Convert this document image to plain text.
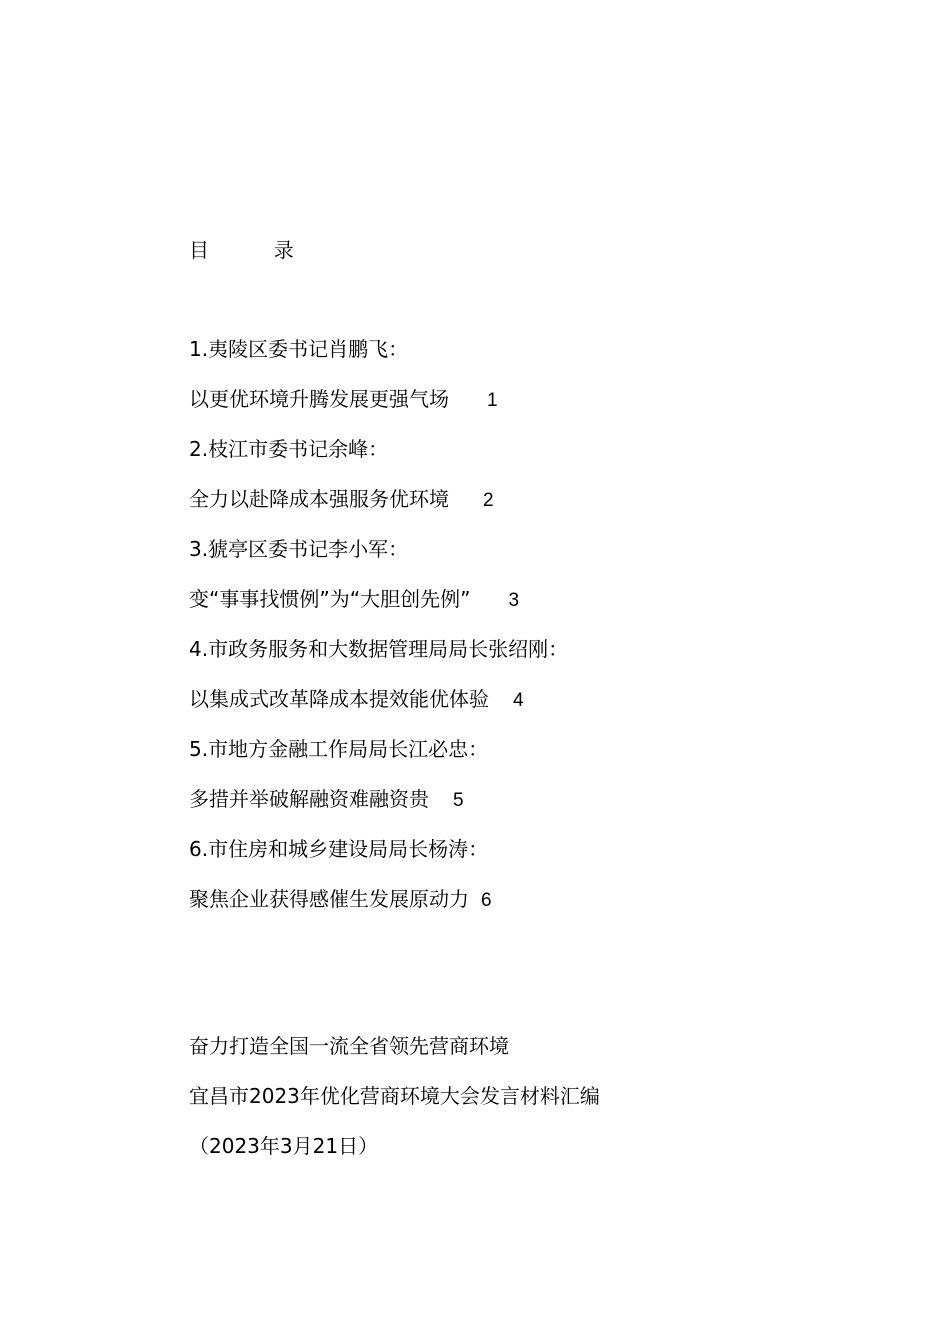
目  录
1.夷陵区委书记肖鹏飞：
以更优环境升腾发展更强气场 1
2.枝江市委书记余峰：
全力以赴降成本强服务优环境 2
3.猇亭区委书记李小军：
变“事事找惯例”为“大胆创先例” 3
4.市政务服务和大数据管理局局长张绍刚：
以集成式改革降成本提效能优体验 4
5.市地方金融工作局局长江必忠：
多措并举破解融资难融资贵 5
6.市住房和城乡建设局局长杨涛：
聚焦企业获得感催生发展原动力 6
奋力打造全国一流全省领先营商环境
宜昌市2023年优化营商环境大会发言材料汇编
（2023年3月21日）
